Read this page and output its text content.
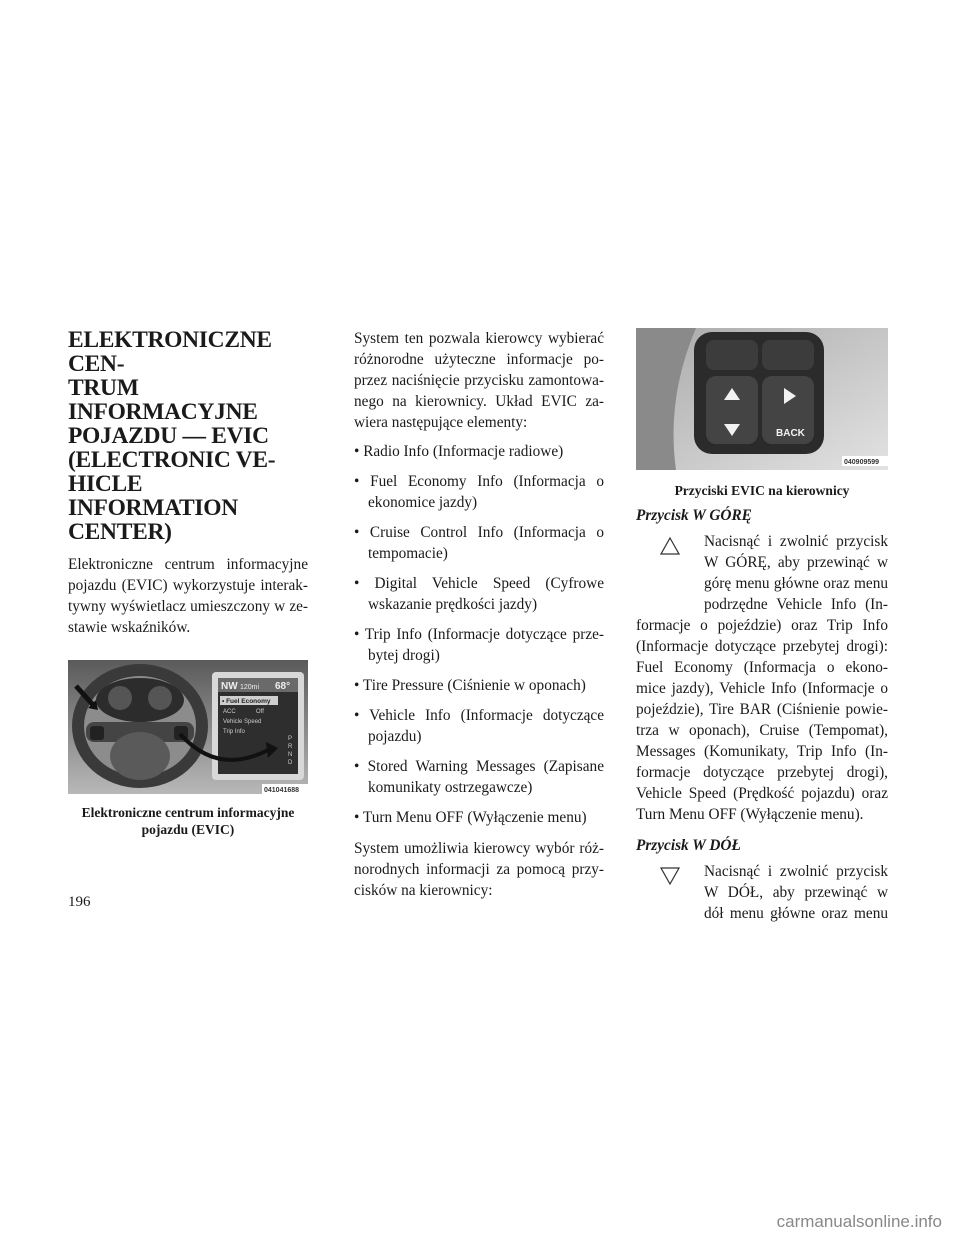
ELEKTRONICZNE CEN-
TRUM INFORMACYJNE
POJAZDU — EVIC
(ELECTRONIC VE-
HICLE INFORMATION
CENTER)

Elektroniczne centrum informacyjne
pojazdu (EVIC) wykorzystuje interak-
tywny wyświetlacz umieszczony w ze-
stawie wskaźników.

NW 120mi 68°
• Fuel Economy
ACC	Off
Vehicle Speed
Trip Info
P
R
N
D
041041688
Elektroniczne centrum informacyjne
pojazdu (EVIC)

System ten pozwala kierowcy wybierać
różnorodne użyteczne informacje po-
przez naciśnięcie przycisku zamontowa-
nego na kierownicy. Układ EVIC za-
wiera następujące elementy:

• Radio Info (Informacje radiowe)
• Fuel Economy Info (Informacja o ekonomice jazdy)
• Cruise Control Info (Informacja o tempomacie)
• Digital Vehicle Speed (Cyfrowe wskazanie prędkości jazdy)
• Trip Info (Informacje dotyczące prze- bytej drogi)
• Tire Pressure (Ciśnienie w oponach)
• Vehicle Info (Informacje dotyczące pojazdu)
• Stored Warning Messages (Zapisane komunikaty ostrzegawcze)
• Turn Menu OFF (Wyłączenie menu)

System umożliwia kierowcy wybór róż-
norodnych informacji za pomocą przy-
cisków na kierownicy:

BACK
040909599
Przyciski EVIC na kierownicy
Przycisk W GÓRĘ
Nacisnąć i zwolnić przycisk
W GÓRĘ, aby przewinąć w
górę menu główne oraz menu
podrzędne Vehicle Info (In-
formacje o pojeździe) oraz Trip Info
(Informacje dotyczące przebytej drogi):
Fuel Economy (Informacja o ekono-
mice jazdy), Vehicle Info (Informacje o
pojeździe), Tire BAR (Ciśnienie powie-
trza w oponach), Cruise (Tempomat),
Messages (Komunikaty, Trip Info (In-
formacje dotyczące przebytej drogi),
Vehicle Speed (Prędkość pojazdu) oraz
Turn Menu OFF (Wyłączenie menu).
Przycisk W DÓŁ
Nacisnąć i zwolnić przycisk
W DÓŁ, aby przewinąć w
dół menu główne oraz menu
196
carmanualsonline.info
